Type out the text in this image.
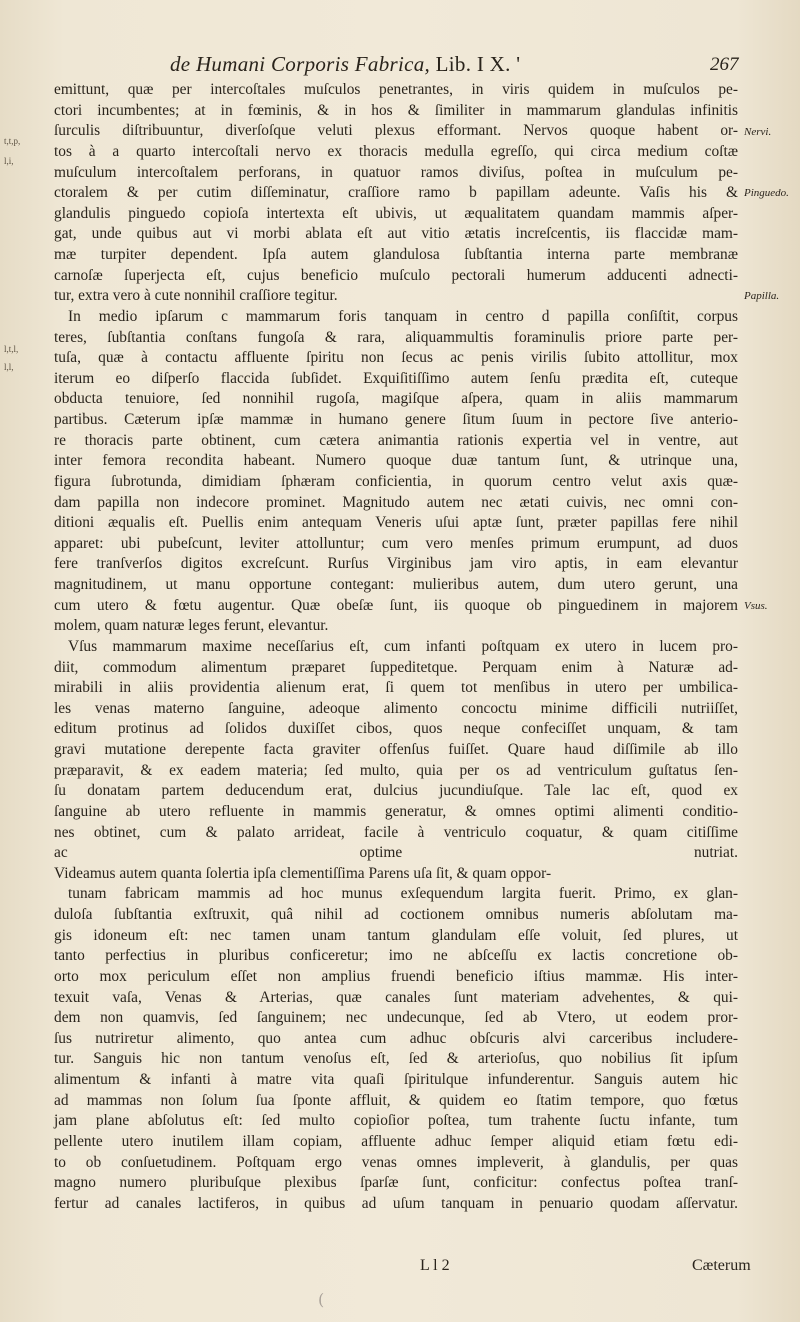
de Humani Corporis Fabrica, Lib. I X. '	267
t,t,p,
l,i,
l,t,l,
l,l,
Nervi.
Pinguedo.
Papilla.
Vsus.
emittunt, quæ per intercoſtales muſculos penetrantes, in viris quidem in muſculos pe-
ctori incumbentes; at in fœminis, & in hos & ſimiliter in mammarum glandulas infinitis
ſurculis diſtribuuntur, diverſoſque veluti plexus efformant. Nervos quoque habent or-
tos à a quarto intercoſtali nervo ex thoracis medulla egreſſo, qui circa medium coſtæ
muſculum intercoſtalem perforans, in quatuor ramos diviſus, poſtea in muſculum pe-
ctoralem & per cutim diſſeminatur, craſſiore ramo b papillam adeunte. Vaſis his &
glandulis pinguedo copioſa intertexta eſt ubivis, ut æqualitatem quandam mammis aſper-
gat, unde quibus aut vi morbi ablata eſt aut vitio ætatis increſcentis, iis flaccidæ mam-
mæ turpiter dependent. Ipſa autem glandulosa ſubſtantia interna parte membranæ
carnoſæ ſuperjecta eſt, cujus beneficio muſculo pectorali humerum adducenti adnecti-
tur, extra vero à cute nonnihil craſſiore tegitur.
In medio ipſarum c mammarum foris tanquam in centro d papilla conſiſtit, corpus
teres, ſubſtantia conſtans fungoſa & rara, aliquammultis foraminulis priore parte per-
tuſa, quæ à contactu affluente ſpiritu non ſecus ac penis virilis ſubito attollitur, mox
iterum eo diſperſo flaccida ſubſidet. Exquiſitiſſimo autem ſenſu prædita eſt, cuteque
obducta tenuiore, ſed nonnihil rugoſa, magiſque aſpera, quam in aliis mammarum
partibus. Cæterum ipſæ mammæ in humano genere ſitum ſuum in pectore ſive anterio-
re thoracis parte obtinent, cum cætera animantia rationis expertia vel in ventre, aut
inter femora recondita habeant. Numero quoque duæ tantum ſunt, & utrinque una,
figura ſubrotunda, dimidiam ſphæram conficientia, in quorum centro velut axis quæ-
dam papilla non indecore prominet. Magnitudo autem nec ætati cuivis, nec omni con-
ditioni æqualis eſt. Puellis enim antequam Veneris uſui aptæ ſunt, præter papillas fere nihil
apparet: ubi pubeſcunt, leviter attolluntur; cum vero menſes primum erumpunt, ad duos
fere tranſverſos digitos excreſcunt. Rurſus Virginibus jam viro aptis, in eam elevantur
magnitudinem, ut manu opportune contegant: mulieribus autem, dum utero gerunt, una
cum utero & fœtu augentur. Quæ obeſæ ſunt, iis quoque ob pinguedinem in majorem
molem, quam naturæ leges ferunt, elevantur.
Vſus mammarum maxime neceſſarius eſt, cum infanti poſtquam ex utero in lucem pro-
diit, commodum alimentum præparet ſuppeditetque. Perquam enim à Naturæ ad-
mirabili in aliis providentia alienum erat, ſi quem tot menſibus in utero per umbilica-
les venas materno ſanguine, adeoque alimento concoctu minime difficili nutriiſſet,
editum protinus ad ſolidos duxiſſet cibos, quos neque confeciſſet unquam, & tam
gravi mutatione derepente facta graviter offenſus fuiſſet. Quare haud diſſimile ab illo
præparavit, & ex eadem materia; ſed multo, quia per os ad ventriculum guſtatus ſen-
ſu donatam partem deducendum erat, dulcius jucundiuſque. Tale lac eſt, quod ex
ſanguine ab utero refluente in mammis generatur, & omnes optimi alimenti conditio-
nes obtinet, cum & palato arrideat, facile à ventriculo coquatur, & quam citiſſime
ac optime nutriat.
Videamus autem quanta ſolertia ipſa clementiſſima Parens uſa ſit, & quam oppor-
tunam fabricam mammis ad hoc munus exſequendum largita fuerit. Primo, ex glan-
duloſa ſubſtantia exſtruxit, quâ nihil ad coctionem omnibus numeris abſolutam ma-
gis idoneum eſt: nec tamen unam tantum glandulam eſſe voluit, ſed plures, ut
tanto perfectius in pluribus conficeretur; imo ne abſceſſu ex lactis concretione ob-
orto mox periculum eſſet non amplius fruendi beneficio iſtius mammæ. His inter-
texuit vaſa, Venas & Arterias, quæ canales ſunt materiam advehentes, & qui-
dem non quamvis, ſed ſanguinem; nec undecunque, ſed ab Vtero, ut eodem pror-
ſus nutriretur alimento, quo antea cum adhuc obſcuris alvi carceribus includere-
tur. Sanguis hic non tantum venoſus eſt, ſed & arterioſus, quo nobilius ſit ipſum
alimentum & infanti à matre vita quaſi ſpiritulque infunderentur. Sanguis autem hic
ad mammas non ſolum ſua ſponte affluit, & quidem eo ſtatim tempore, quo fœtus
jam plane abſolutus eſt: ſed multo copioſior poſtea, tum trahente ſuctu infante, tum
pellente utero inutilem illam copiam, affluente adhuc ſemper aliquid etiam fœtu edi-
to ob conſuetudinem. Poſtquam ergo venas omnes impleverit, à glandulis, per quas
magno numero pluribuſque plexibus ſparſæ ſunt, conficitur: confectus poſtea tranſ-
fertur ad canales lactiferos, in quibus ad uſum tanquam in penuario quodam aſſervatur.
L l 2	Cæterum
(
